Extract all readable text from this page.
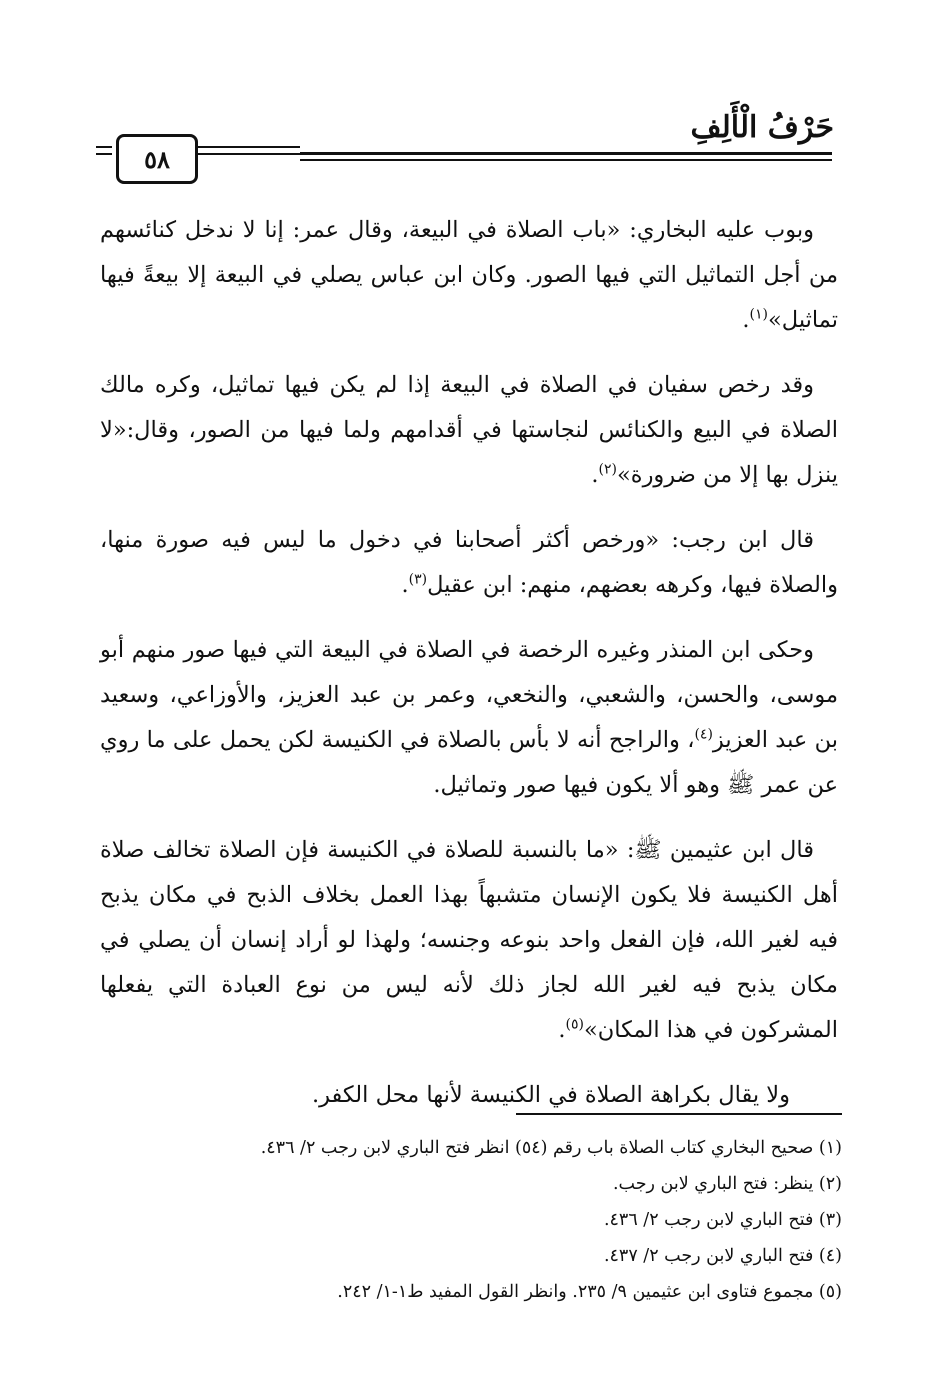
حَرْفُ الْأَلِفِ
٥٨

وبوب عليه البخاري: «باب الصلاة في البيعة، وقال عمر: إنا لا ندخل كنائسهم من أجل التماثيل التي فيها الصور. وكان ابن عباس يصلي في البيعة إلا بيعةً فيها تماثيل»$^{(١)}$.

وقد رخص سفيان في الصلاة في البيعة إذا لم يكن فيها تماثيل، وكره مالك الصلاة في البيع والكنائس لنجاستها في أقدامهم ولما فيها من الصور، وقال:«لا ينزل بها إلا من ضرورة»$^{(٢)}$.

قال ابن رجب: «ورخص أكثر أصحابنا في دخول ما ليس فيه صورة منها، والصلاة فيها، وكرهه بعضهم، منهم: ابن عقيل$^{(٣)}$.

وحكى ابن المنذر وغيره الرخصة في الصلاة في البيعة التي فيها صور منهم أبو موسى، والحسن، والشعبي، والنخعي، وعمر بن عبد العزيز، والأوزاعي، وسعيد بن عبد العزيز$^{(٤)}$، والراجح أنه لا بأس بالصلاة في الكنيسة لكن يحمل على ما روي عن عمر ﷺ وهو ألا يكون فيها صور وتماثيل.

قال ابن عثيمين ﷺ: «ما بالنسبة للصلاة في الكنيسة فإن الصلاة تخالف صلاة أهل الكنيسة فلا يكون الإنسان متشبهاً بهذا العمل بخلاف الذبح في مكان يذبح فيه لغير الله، فإن الفعل واحد بنوعه وجنسه؛ ولهذا لو أراد إنسان أن يصلي في مكان يذبح فيه لغير الله لجاز ذلك لأنه ليس من نوع العبادة التي يفعلها المشركون في هذا المكان»$^{(٥)}$.

ولا يقال بكراهة الصلاة في الكنيسة لأنها محل الكفر.

(١) صحيح البخاري كتاب الصلاة باب رقم (٥٤) انظر فتح الباري لابن رجب ٢/ ٤٣٦.

(٢) ينظر: فتح الباري لابن رجب.

(٣) فتح الباري لابن رجب ٢/ ٤٣٦.

(٤) فتح الباري لابن رجب ٢/ ٤٣٧.

(٥) مجموع فتاوى ابن عثيمين ٩/ ٢٣٥. وانظر القول المفيد ط١-١/ ٢٤٢.
